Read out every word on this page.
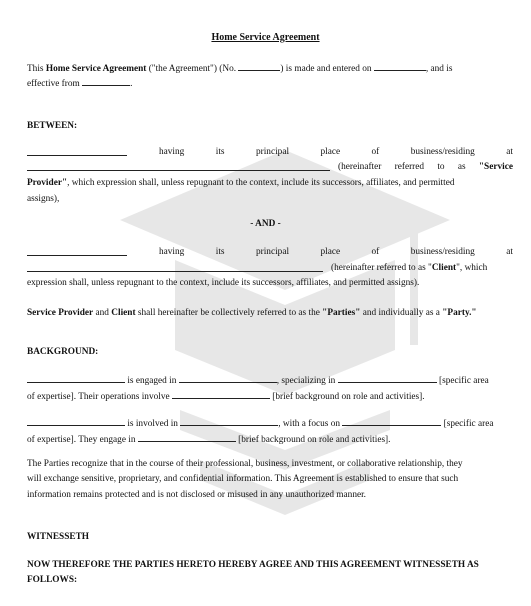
Home Service Agreement
This Home Service Agreement ("the Agreement") (No.	) is made and entered on	, and is
effective from	.
BETWEEN:
having	its	principal	place	of	business/residing	at
(hereinafter referred to as "Service
Provider", which expression shall, unless repugnant to the context, include its successors, affiliates, and permitted
assigns),
- AND -
having	its	principal	place	of	business/residing	at
(hereinafter referred to as "Client", which
expression shall, unless repugnant to the context, include its successors, affiliates, and permitted assigns).
Service Provider and Client shall hereinafter be collectively referred to as the "Parties" and individually as a "Party."
BACKGROUND:
is engaged in	, specializing in	[specific area
of expertise]. Their operations involve	[brief background on role and activities].
is involved in	, with a focus on	[specific area
of expertise]. They engage in	[brief background on role and activities].
The Parties recognize that in the course of their professional, business, investment, or collaborative relationship, they
will exchange sensitive, proprietary, and confidential information. This Agreement is established to ensure that such
information remains protected and is not disclosed or misused in any unauthorized manner.
WITNESSETH
NOW THEREFORE THE PARTIES HERETO HEREBY AGREE AND THIS AGREEMENT WITNESSETH AS
FOLLOWS:
